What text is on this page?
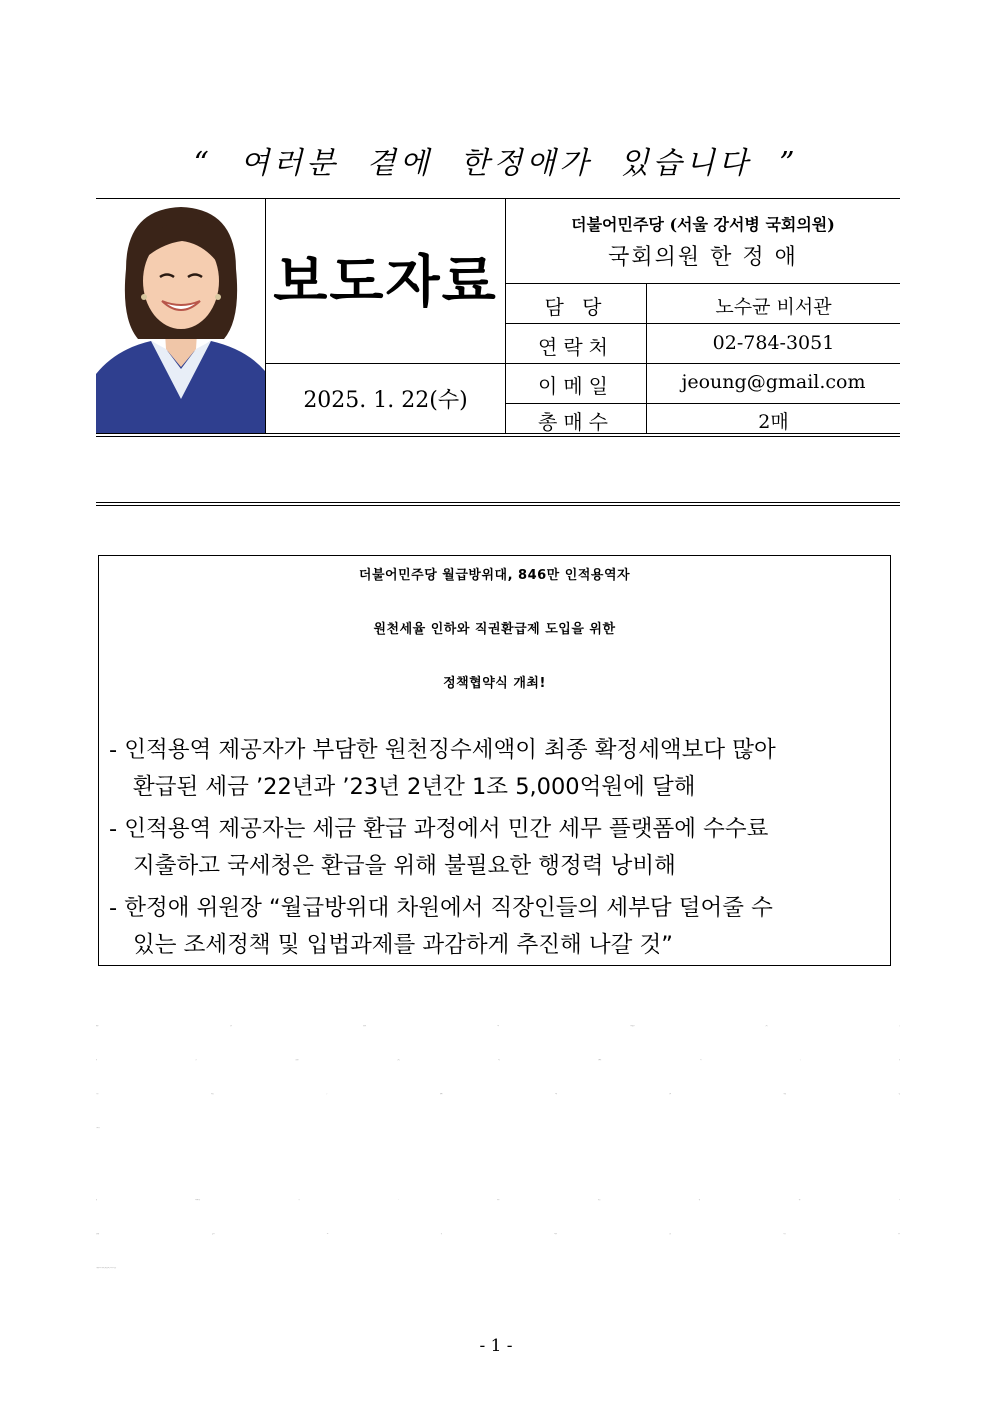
“ 여러분 곁에 한정애가 있습니다 ”
보도자료
2025. 1. 22(수)
더불어민주당 (서울 강서병 국회의원)
국회의원 한 정 애
담 당	노수균 비서관
연락처	02-784-3051
이메일	jeoung@gmail.com
총매수	2매
더불어민주당 월급방위대, 846만 인적용역자
원천세율 인하와 직권환급제 도입을 위한
정책협약식 개최!
- 인적용역 제공자가 부담한 원천징수세액이 최종 확정세액보다 많아
환급된 세금 ’22년과 ’23년 2년간 1조 5,000억원에 달해
- 인적용역 제공자는 세금 환급 과정에서 민간 세무 플랫폼에 수수료
지출하고 국세청은 환급을 위해 불필요한 행정력 낭비해
- 한정애 위원장 “월급방위대 차원에서 직장인들의 세부담 덜어줄 수
있는 조세정책 및 입법과제를 과감하게 추진해 나갈 것”
- 1 -
